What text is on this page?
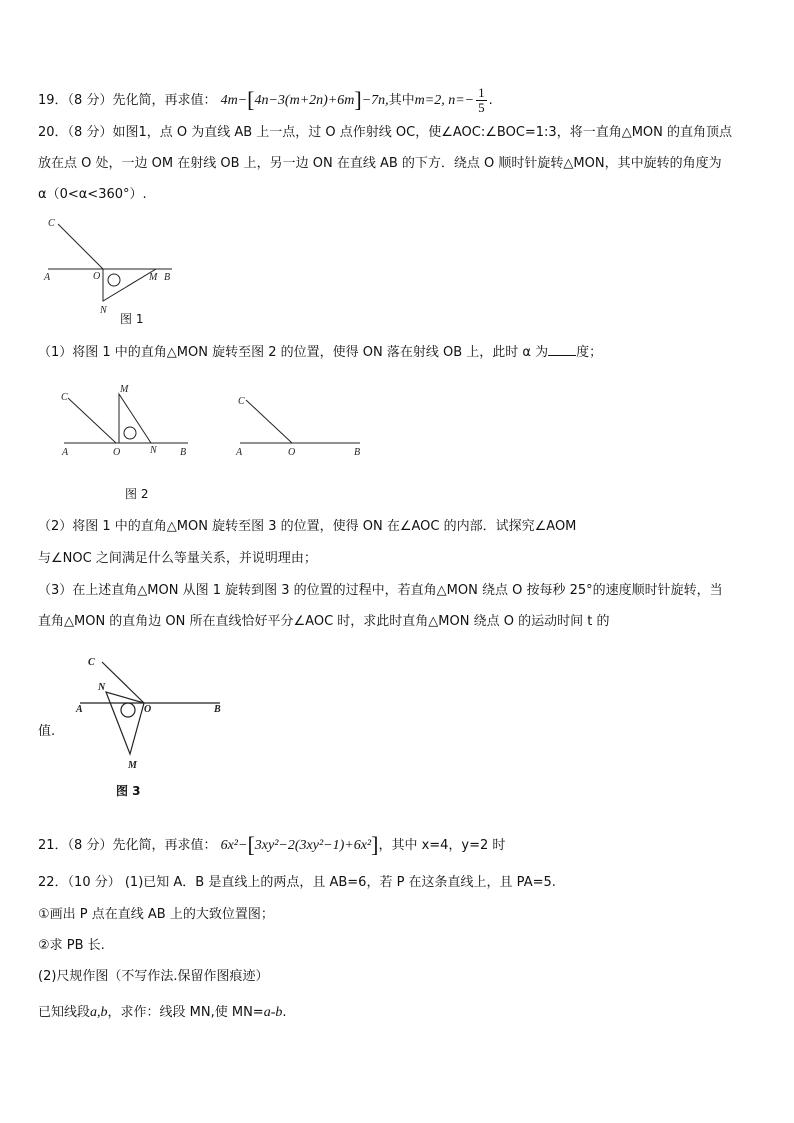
19．（8 分）先化简，再求值： 4m−[4n−3(m+2n)+6m]−7n,其中m=2, $n=- \frac{1}{5}$ .
20．（8 分）如图1，点 O 为直线 AB 上一点，过 O 点作射线 OC，使∠AOC:∠BOC=1:3，将一直角△MON 的直角顶点
放在点 O 处，一边 OM 在射线 OB 上，另一边 ON 在直线 AB 的下方．绕点 O 顺时针旋转△MON，其中旋转的角度为
α（0<α<360°）.
C
A	O	M B
N
图 1
（1）将图 1 中的直角△MON 旋转至图 2 的位置，使得 ON 落在射线 OB 上，此时 α 为 度；
C
M
A	O	N B
C
A	O	B
图 2
（2）将图 1 中的直角△MON 旋转至图 3 的位置，使得 ON 在∠AOC 的内部．试探究∠AOM
与∠NOC 之间满足什么等量关系，并说明理由；
（3）在上述直角△MON 从图 1 旋转到图 3 的位置的过程中，若直角△MON 绕点 O 按每秒 25°的速度顺时针旋转，当
直角△MON 的直角边 ON 所在直线恰好平分∠AOC 时，求此时直角△MON 绕点 O 的运动时间 t 的
C
N
A	O	B
M
值.
图 3
21．（8 分）先化简，再求值： 6x²−[3xy²−2(3xy²−1)+6x²]，其中 x=4，y=2 时
22．（10 分） (1)已知 A．B 是直线上的两点，且 AB=6，若 P 在这条直线上，且 PA=5.
①画出 P 点在直线 AB 上的大致位置图；
②求 PB 长.
(2)尺规作图（不写作法.保留作图痕迹）
已知线段a,b，求作：线段 MN,使 MN=a-b.
